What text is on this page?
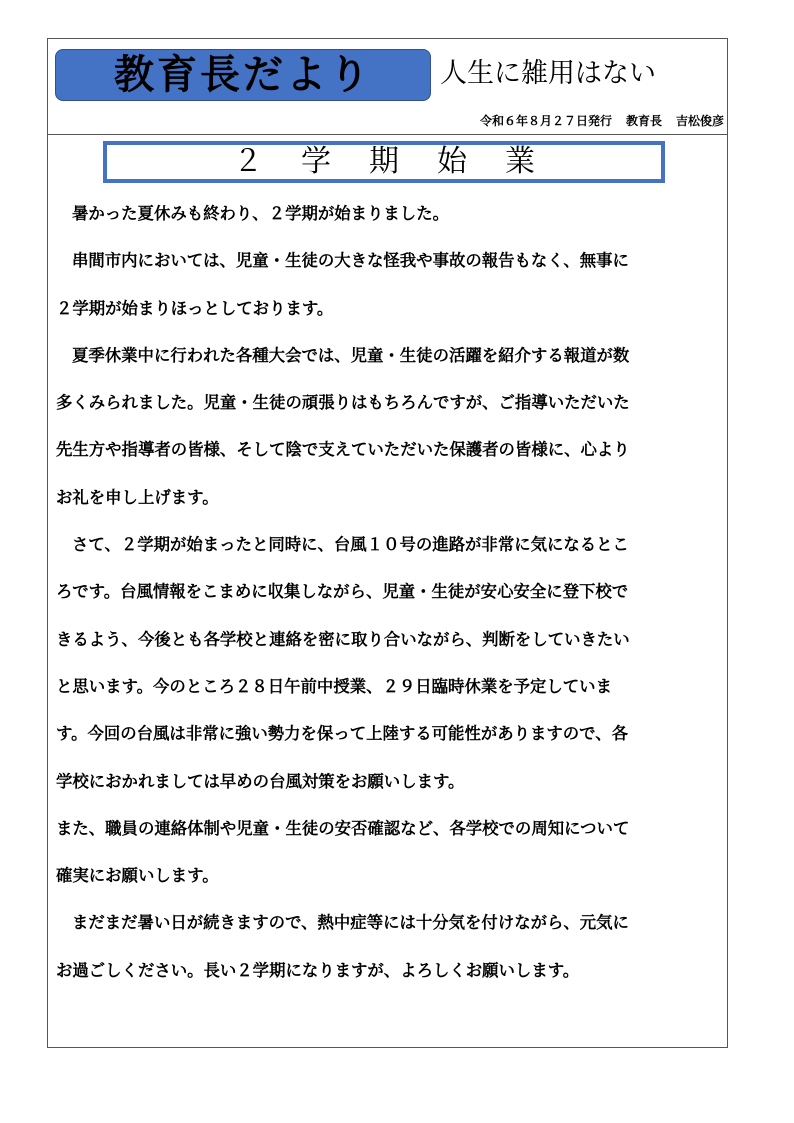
教育長だより	人生に雑用はない
令和６年８月２７日発行 教育長 吉松俊彦
２学期始業
暑かった夏休みも終わり、２学期が始まりました。
串間市内においては、児童・生徒の大きな怪我や事故の報告もなく、無事に
２学期が始まりほっとしております。
夏季休業中に行われた各種大会では、児童・生徒の活躍を紹介する報道が数
多くみられました。児童・生徒の頑張りはもちろんですが、ご指導いただいた
先生方や指導者の皆様、そして陰で支えていただいた保護者の皆様に、心より
お礼を申し上げます。
さて、２学期が始まったと同時に、台風１０号の進路が非常に気になるとこ
ろです。台風情報をこまめに収集しながら、児童・生徒が安心安全に登下校で
きるよう、今後とも各学校と連絡を密に取り合いながら、判断をしていきたい
と思います。今のところ２８日午前中授業、２９日臨時休業を予定していま
す。今回の台風は非常に強い勢力を保って上陸する可能性がありますので、各
学校におかれましては早めの台風対策をお願いします。
また、職員の連絡体制や児童・生徒の安否確認など、各学校での周知について
確実にお願いします。
まだまだ暑い日が続きますので、熱中症等には十分気を付けながら、元気に
お過ごしください。長い２学期になりますが、よろしくお願いします。
